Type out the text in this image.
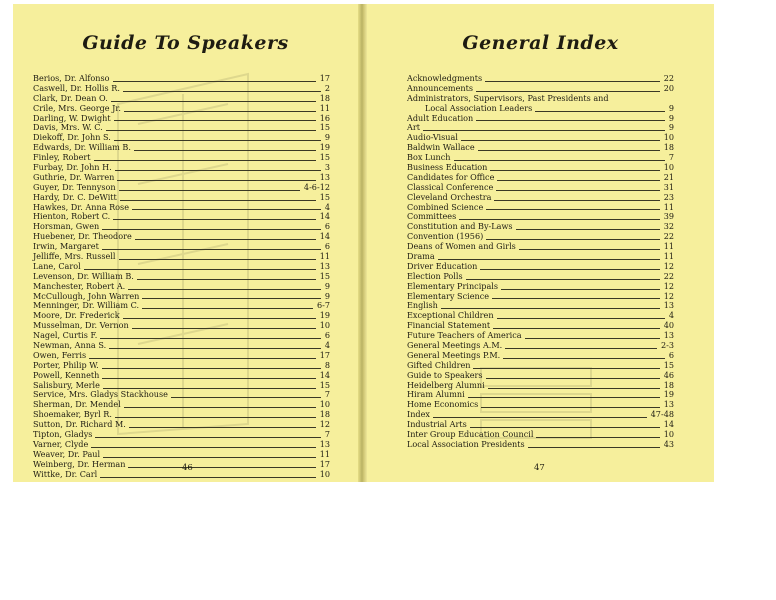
Guide To Speakers
Berios, Dr. Alfonso	17
Caswell, Dr. Hollis R.	2
Clark, Dr. Dean O.	18
Crile, Mrs. George Jr.	11
Darling, W. Dwight	16
Davis, Mrs. W. C.	15
Diekoff, Dr. John S.	9
Edwards, Dr. William B.	19
Finley, Robert	15
Furbay, Dr. John H.	3
Guthrie, Dr. Warren	13
Guyer, Dr. Tennyson	4-6-12
Hardy, Dr. C. DeWitt	15
Hawkes, Dr. Anna Rose	4
Hienton, Robert C.	14
Horsman, Gwen	6
Huebener, Dr. Theodore	14
Irwin, Margaret	6
Jelliffe, Mrs. Russell	11
Lane, Carol	13
Levenson, Dr. William B.	15
Manchester, Robert A.	9
McCullough, John Warren	9
Menninger, Dr. William C.	6-7
Moore, Dr. Frederick	19
Musselman, Dr. Vernon	10
Nagel, Curtis F.	6
Newman, Anna S.	4
Owen, Ferris	17
Porter, Philip W.	8
Powell, Kenneth	14
Salisbury, Merle	15
Service, Mrs. Gladys Stackhouse	7
Sherman, Dr. Mendel	10
Shoemaker, Byrl R.	18
Sutton, Dr. Richard M.	12
Tipton, Gladys	7
Varner, Clyde	13
Weaver, Dr. Paul	11
Weinberg, Dr. Herman	17
Wittke, Dr. Carl	10
46
General Index
Acknowledgments	22
Announcements	20
Administrators, Supervisors, Past Presidents and
Local Association Leaders	9
Adult Education	9
Art	9
Audio-Visual	10
Baldwin Wallace	18
Box Lunch	7
Business Education	10
Candidates for Office	21
Classical Conference	31
Cleveland Orchestra	23
Combined Science	11
Committees	39
Constitution and By-Laws	32
Convention (1956)	22
Deans of Women and Girls	11
Drama	11
Driver Education	12
Election Polls	22
Elementary Principals	12
Elementary Science	12
English	13
Exceptional Children	4
Financial Statement	40
Future Teachers of America	13
General Meetings A.M.	2-3
General Meetings P.M.	6
Gifted Children	15
Guide to Speakers	46
Heidelberg Alumni	18
Hiram Alumni	19
Home Economics	13
Index	47-48
Industrial Arts	14
Inter Group Education Council	10
Local Association Presidents	43
47
